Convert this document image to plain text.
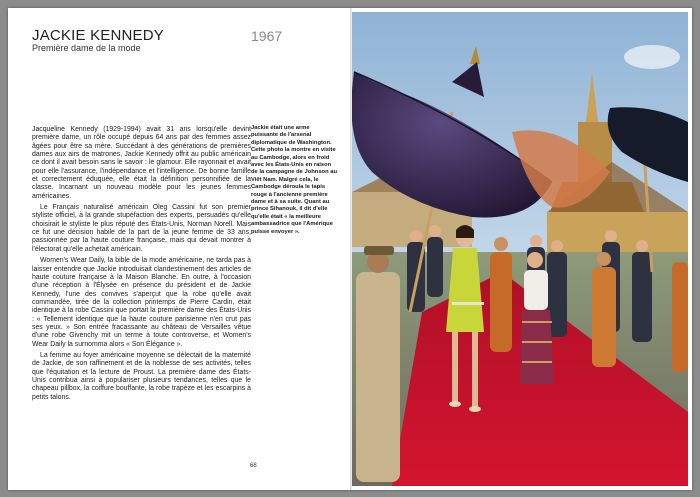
JACKIE KENNEDY
Première dame de la mode
1967

Jacqueline Kennedy (1929-1994) avait 31 ans lorsqu'elle devint première dame, un rôle occupé depuis 64 ans par des femmes assez âgées pour être sa mère. Succédant à des générations de premières dames aux airs de matrones, Jackie Kennedy offrit au public américain ce dont il avait besoin sans le savoir : le glamour. Elle rayonnait et avait pour elle l'assurance, l'indépendance et l'intelligence. De bonne famille et correctement éduquée, elle était la définition personnifiée de la classe. Incarnant un nouveau modèle pour les jeunes femmes américaines.

Le Français naturalisé américain Oleg Cassini fut son premier styliste officiel, à la grande stupéfaction des experts, persuadés qu'elle choisirait le styliste le plus réputé des États-Unis, Norman Norell. Mais ce fut une décision habile de la part de la jeune femme de 33 ans, passionnée par la haute couture française, mais qui devait montrer à l'électorat qu'elle achetait américain.

Women's Wear Daily, la bible de la mode américaine, ne tarda pas à laisser entendre que Jackie introduisait clandestinement des articles de haute couture française à la Maison Blanche. En outre, à l'occasion d'une réception à l'Élysée en présence du président et de Jackie Kennedy, l'une des convives s'aperçut que la robe qu'elle avait commandée, tirée de la collection printemps de Pierre Cardin, était identique à la robe Cassini que portait la première dame des États-Unis : « Tellement identique que la haute couture parisienne n'en crut pas ses yeux. » Son entrée fracassante au château de Versailles vêtue d'une robe Givenchy mit un terme à toute controverse, et Women's Wear Daily la surnomma alors « Son Élégance ».

La femme au foyer américaine moyenne se délectait de la maternité de Jackie, de son raffinement et de la noblesse de ses activités, telles que l'équitation et la lecture de Proust. La première dame des États-Unis contribua ainsi à populariser plusieurs tendances, telles que le chapeau pillbox, la coiffure bouffante, la robe trapèze et les escarpins à petits talons.

Jackie était une arme puissante de l'arsenal diplomatique de Washington. Cette photo la montre en visite au Cambodge, alors en froid avec les États-Unis en raison de la campagne de Johnson au Viêt Nam. Malgré cela, le Cambodge déroula le tapis rouge à l'ancienne première dame et à sa suite. Quant au prince Sihanouk, il dit d'elle qu'elle était « la meilleure ambassadrice que l'Amérique puisse envoyer ».
68
